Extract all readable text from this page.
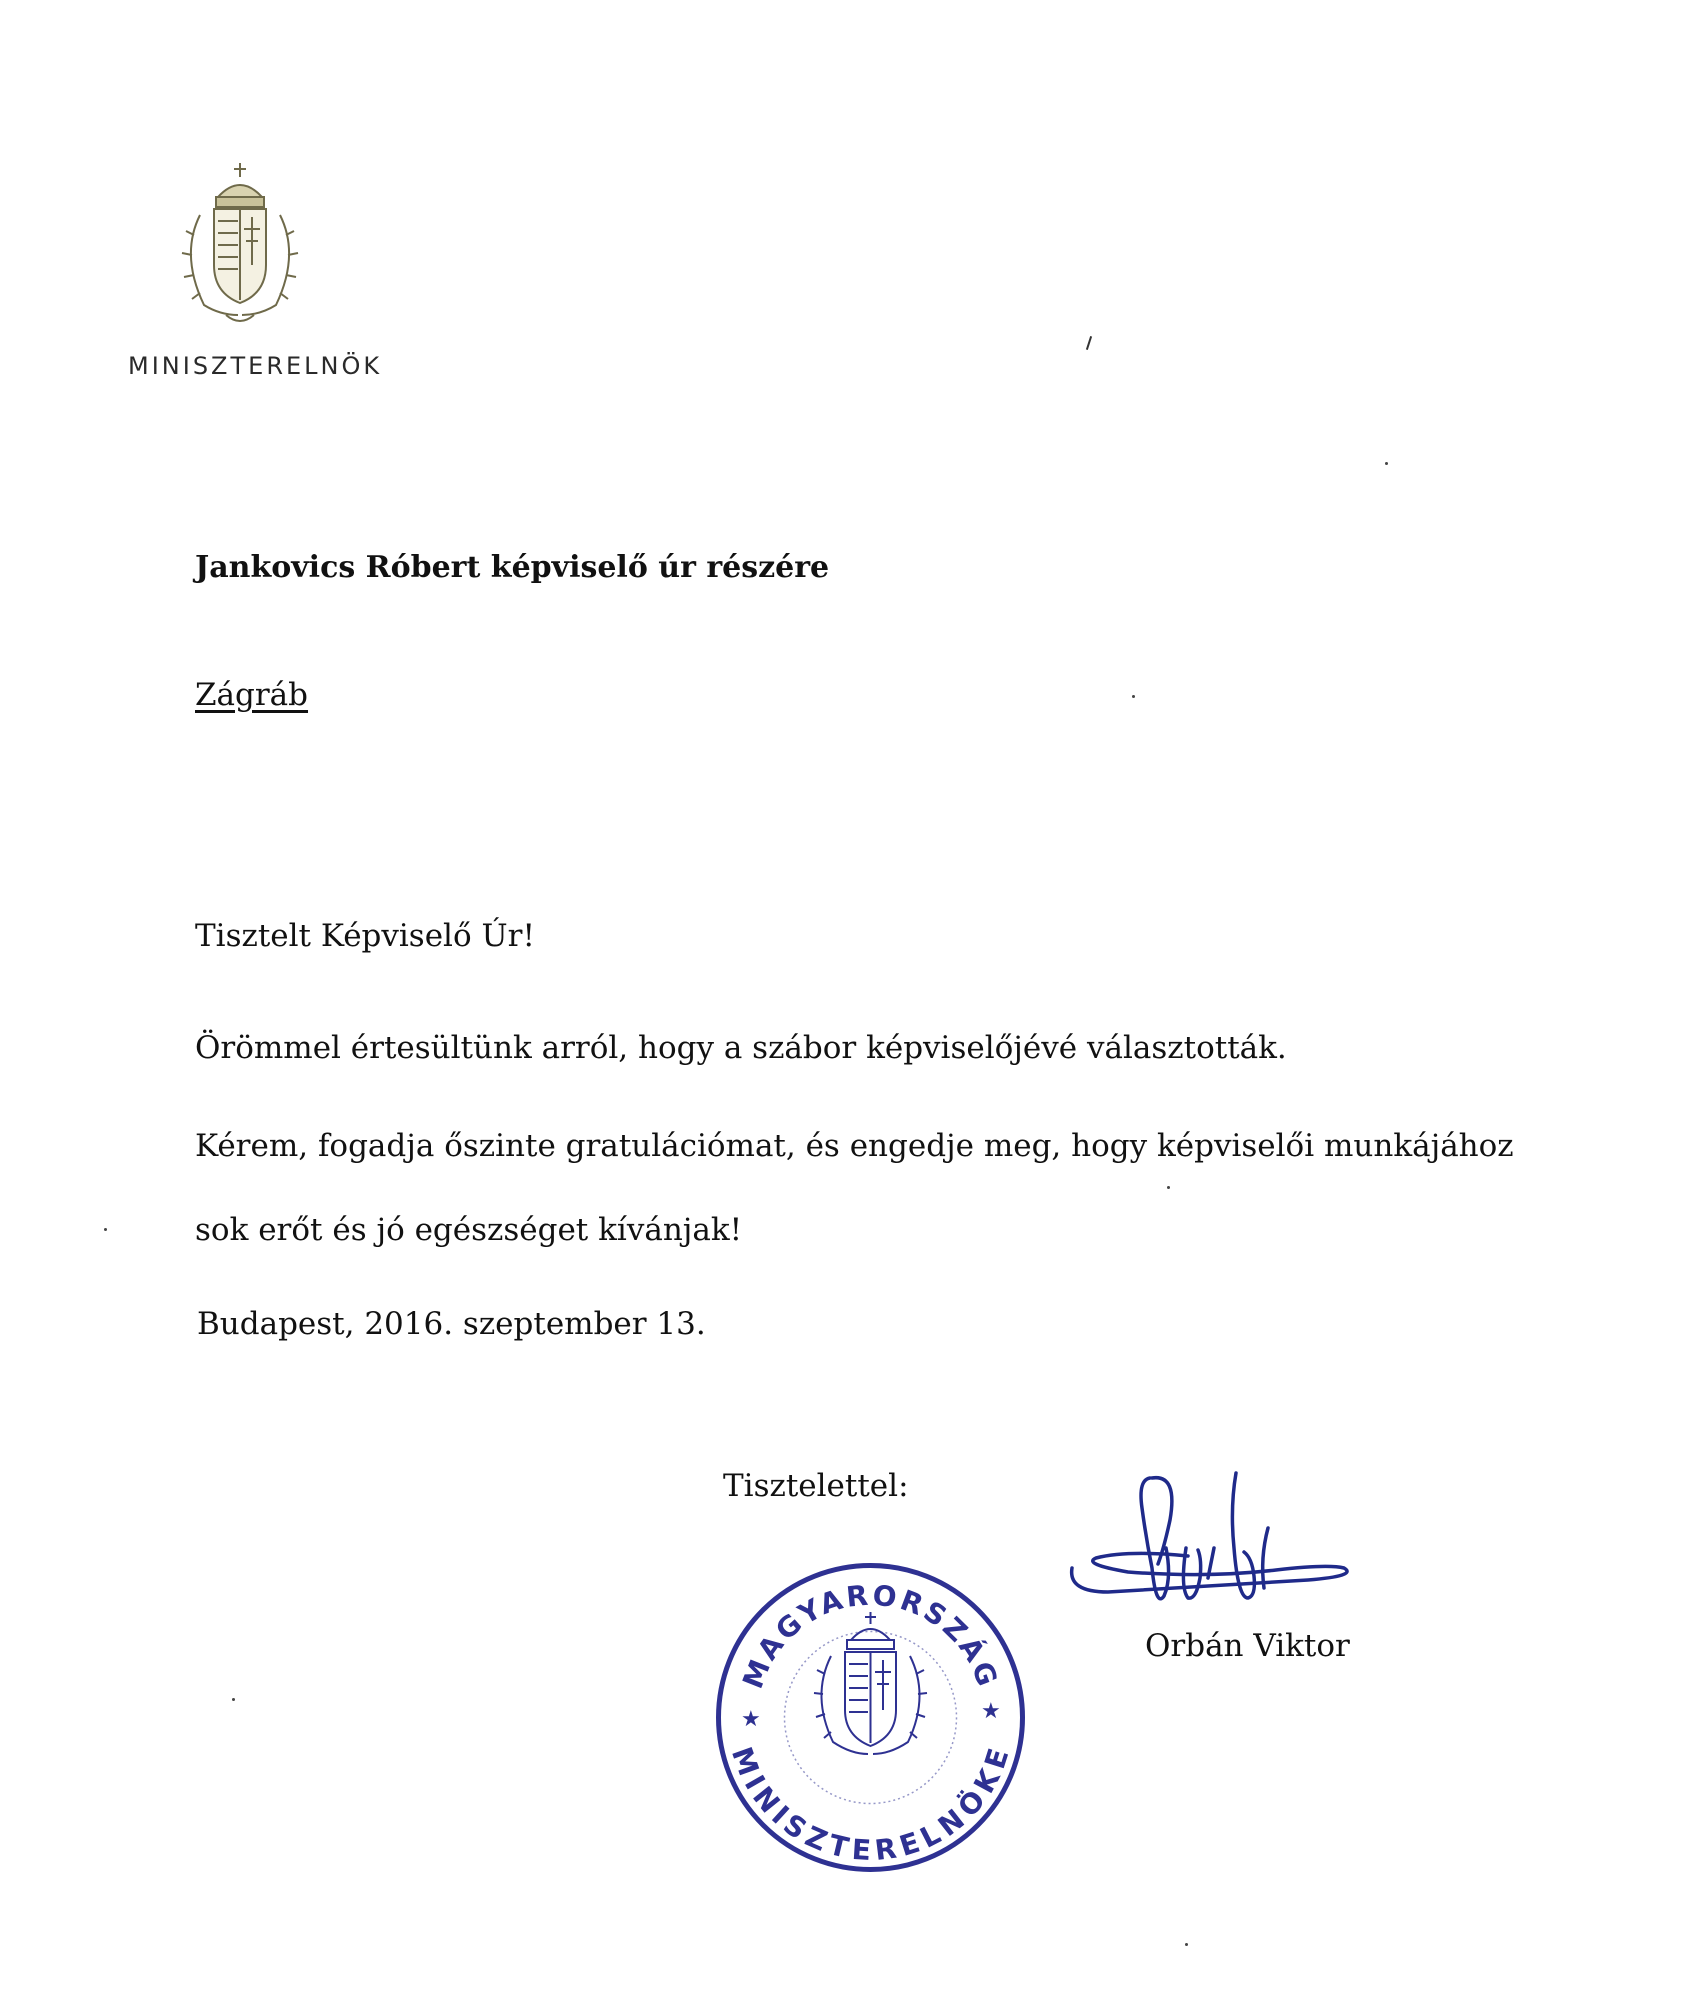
MINISZTERELNÖK
Jankovics Róbert képviselő úr részére
Zágráb
Tisztelt Képviselő Úr!
Örömmel értesültünk arról, hogy a szábor képviselőjévé választották.
Kérem, fogadja őszinte gratulációmat, és engedje meg, hogy képviselői munkájához
sok erőt és jó egészséget kívánjak!
Budapest, 2016. szeptember 13.
Tisztelettel:
Orbán Viktor
MAGYARORSZÁG
MINISZTERELNÖKE
★	★
